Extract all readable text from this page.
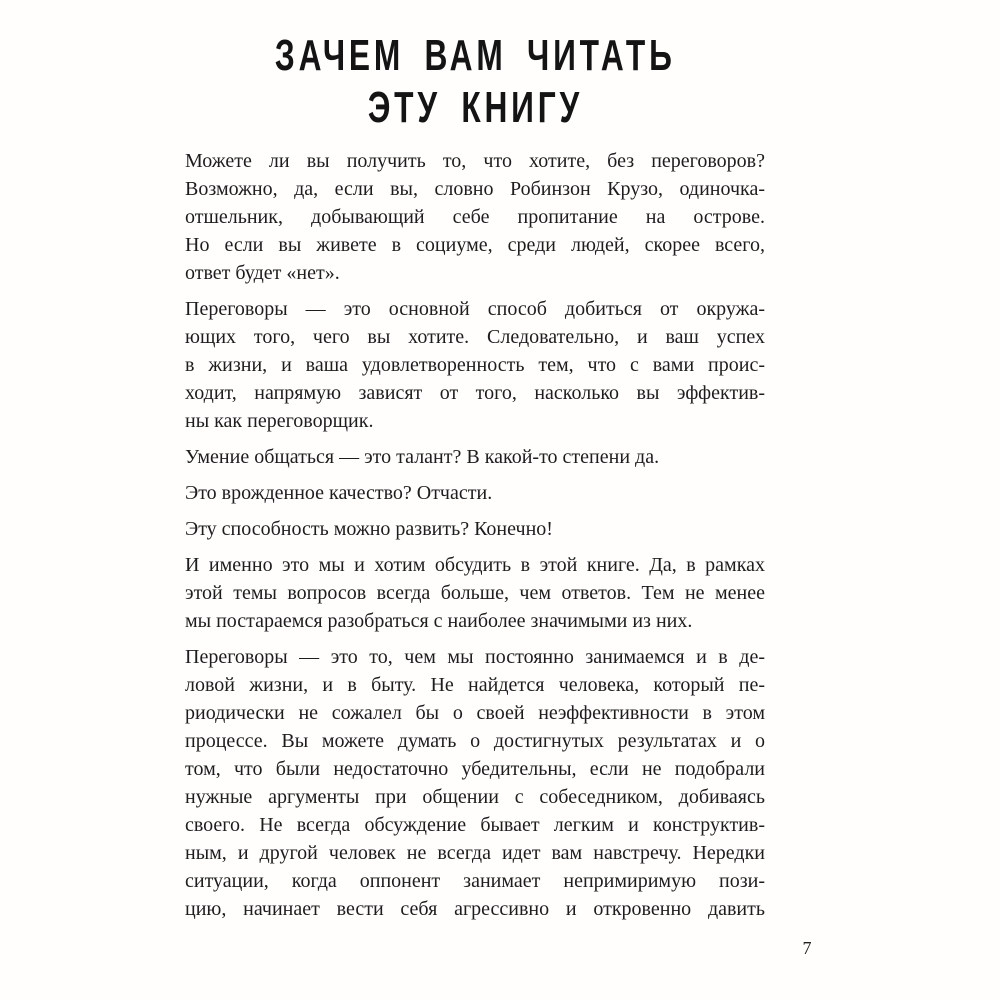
ЗАЧЕМ ВАМ ЧИТАТЬ
ЭТУ КНИГУ

Можете ли вы получить то, что хотите, без переговоров?
Возможно, да, если вы, словно Робинзон Крузо, одиночка-
отшельник, добывающий себе пропитание на острове.
Но если вы живете в социуме, среди людей, скорее всего,
ответ будет «нет».

Переговоры — это основной способ добиться от окружа-
ющих того, чего вы хотите. Следовательно, и ваш успех
в жизни, и ваша удовлетворенность тем, что с вами проис-
ходит, напрямую зависят от того, насколько вы эффектив-
ны как переговорщик.

Умение общаться — это талант? В какой-то степени да.

Это врожденное качество? Отчасти.

Эту способность можно развить? Конечно!

И именно это мы и хотим обсудить в этой книге. Да, в рамках
этой темы вопросов всегда больше, чем ответов. Тем не менее
мы постараемся разобраться с наиболее значимыми из них.

Переговоры — это то, чем мы постоянно занимаемся и в де-
ловой жизни, и в быту. Не найдется человека, который пе-
риодически не сожалел бы о своей неэффективности в этом
процессе. Вы можете думать о достигнутых результатах и о
том, что были недостаточно убедительны, если не подобрали
нужные аргументы при общении с собеседником, добиваясь
своего. Не всегда обсуждение бывает легким и конструктив-
ным, и другой человек не всегда идет вам навстречу. Нередки
ситуации, когда оппонент занимает непримиримую пози-
цию, начинает вести себя агрессивно и откровенно давить

7
